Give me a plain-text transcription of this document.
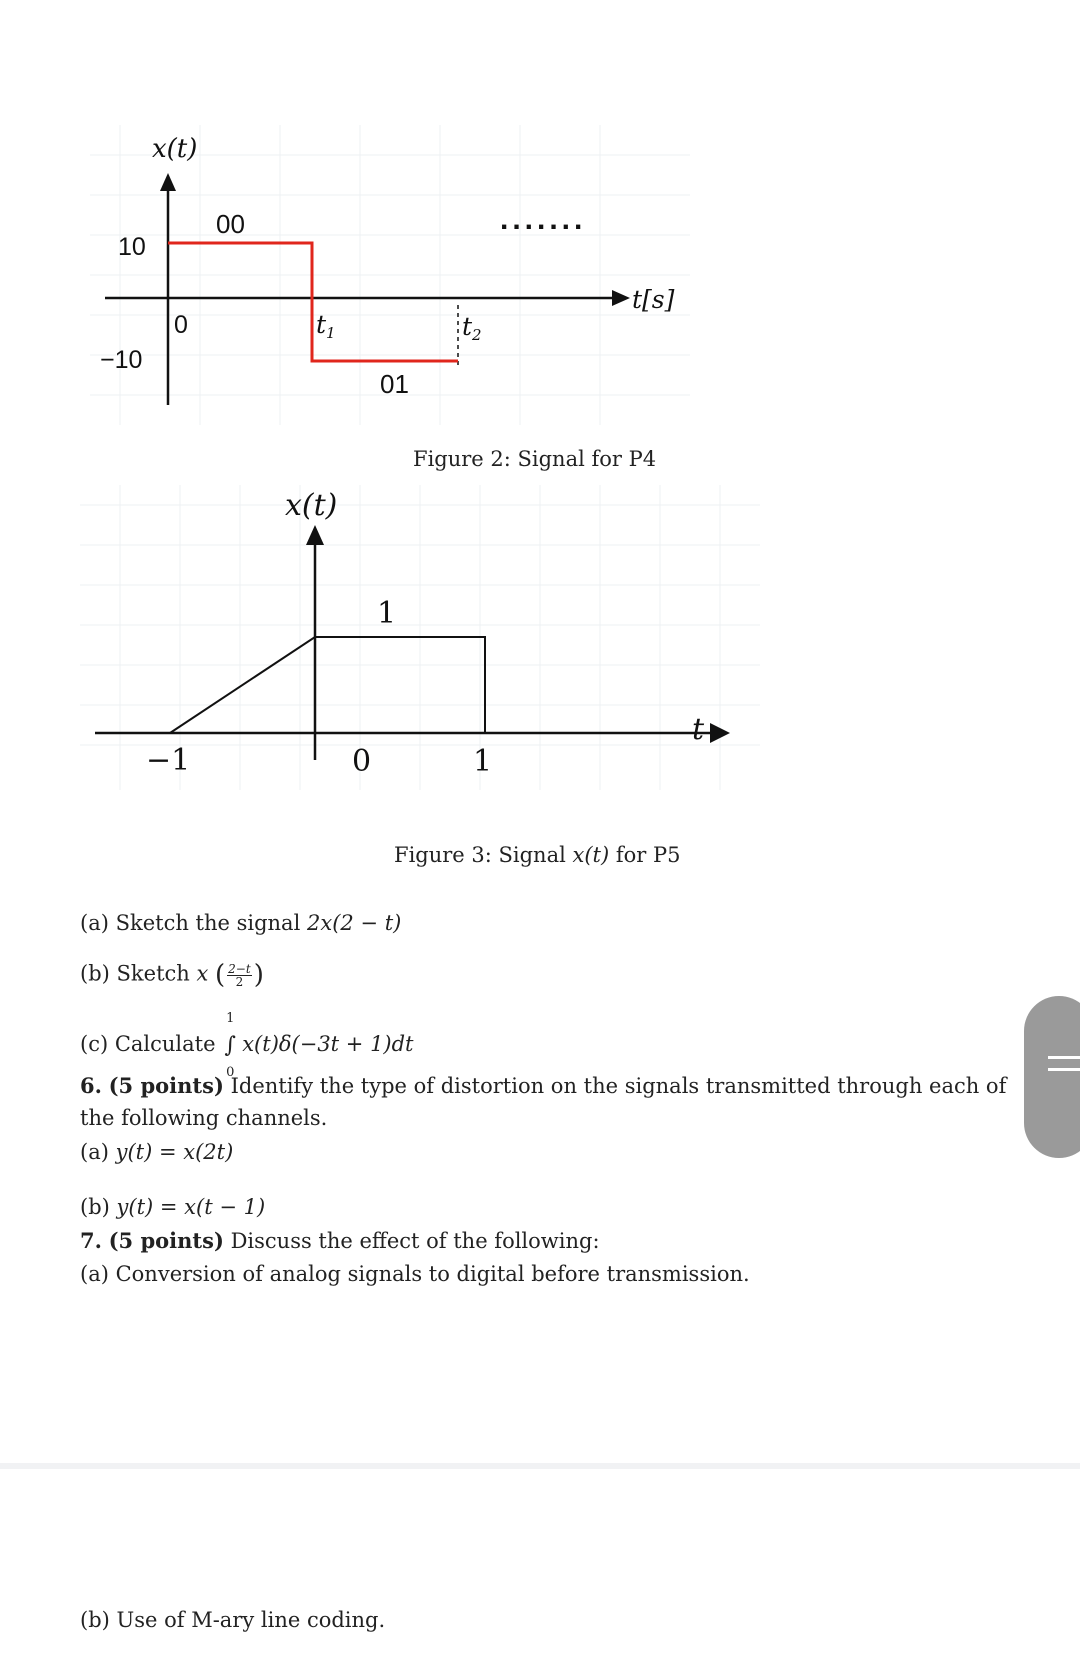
x(t)
10
−10
0
00
01
.......
$t_1$	$t_2$
t[s]
Figure 2: Signal for P4
x(t)
1
−1	0	1
t
Figure 3: Signal x(t) for P5
(a) Sketch the signal 2x(2 − t)
(b) Sketch x ( $\frac{2-t}{2}$ )
(c) Calculate
1
∫
0
x(t)δ(−3t + 1)dt
6. (5 points) Identify the type of distortion on the signals transmitted through each of
the following channels.
(a) y(t) = x(2t)
(b) y(t) = x(t − 1)
7. (5 points) Discuss the effect of the following:
(a) Conversion of analog signals to digital before transmission.
(b) Use of M-ary line coding.
